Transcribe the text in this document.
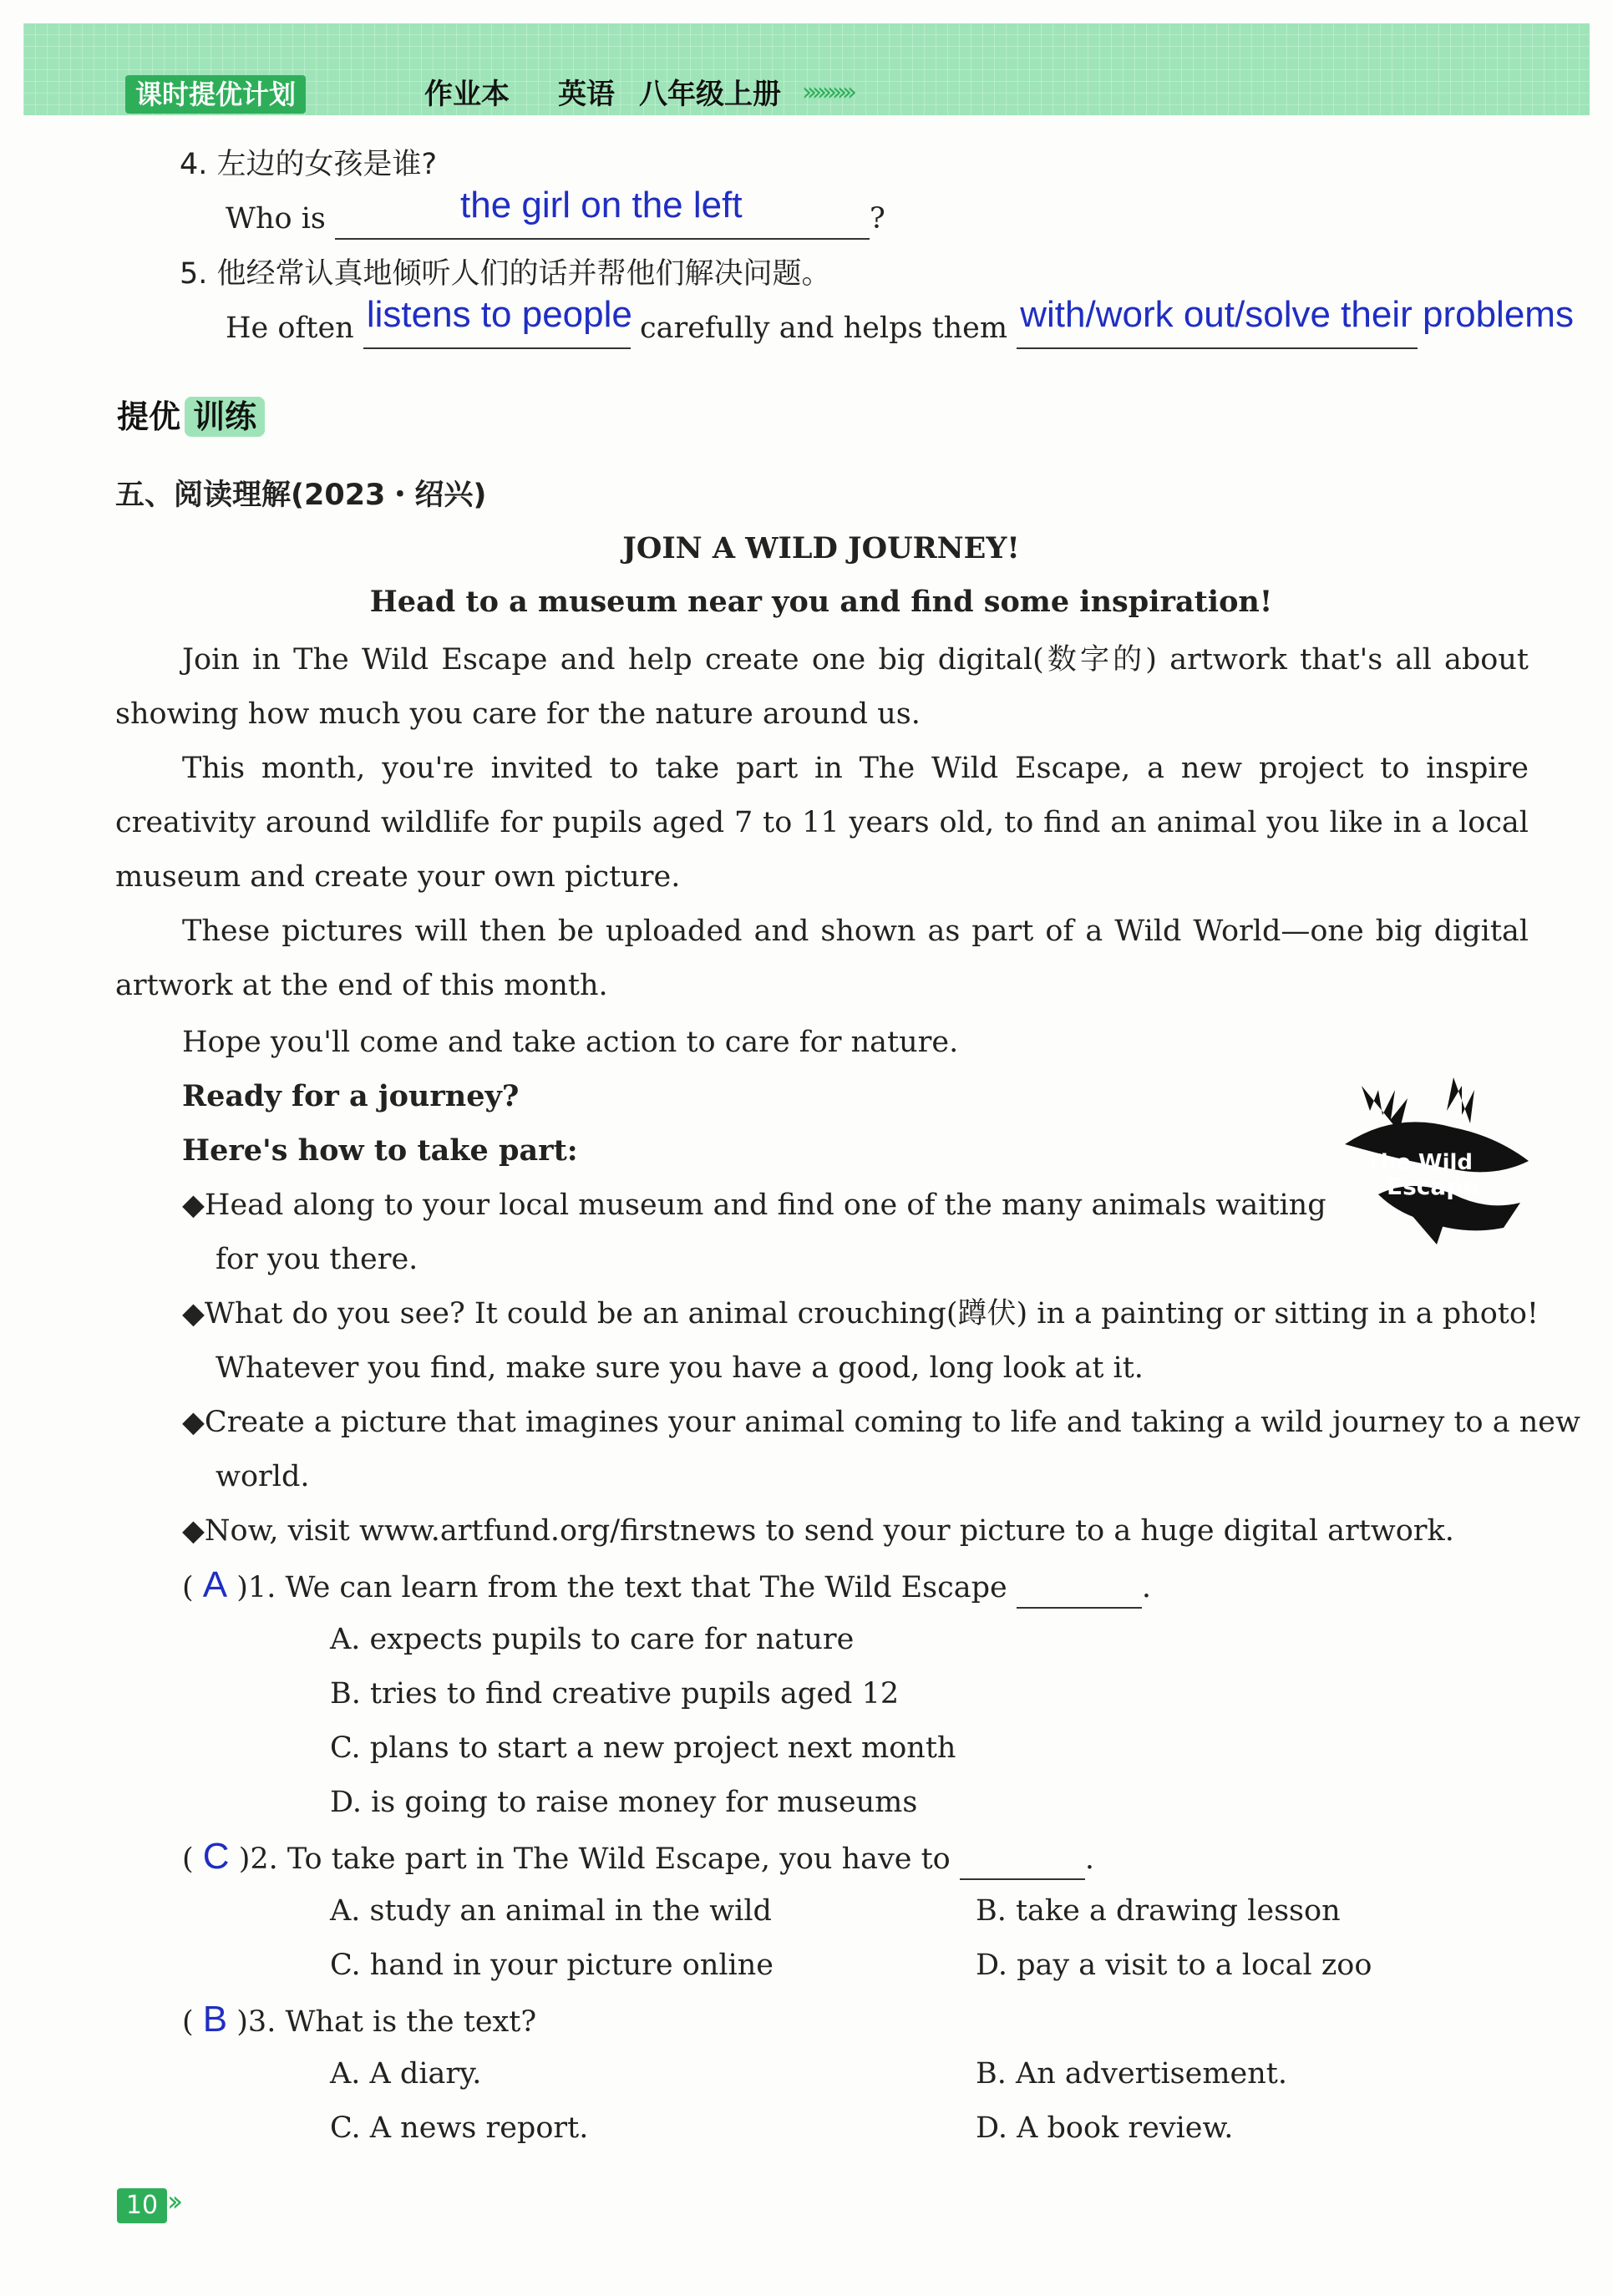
课时提优计划	作业本 英语 八年级上册 ››››››››››
4. 左边的女孩是谁?
Who is	the girl on the left	?
5. 他经常认真地倾听人们的话并帮他们解决问题。
He often listens to people carefully and helps them with/work out/solve their problems
提优 训练
五、阅读理解(2023・绍兴)
JOIN A WILD JOURNEY!
Head to a museum near you and find some inspiration!
Join in The Wild Escape and help create one big digital(数字的) artwork that's all about showing how much you care for the nature around us.
This month, you're invited to take part in The Wild Escape, a new project to inspire creativity around wildlife for pupils aged 7 to 11 years old, to find an animal you like in a local museum and create your own picture.
These pictures will then be uploaded and shown as part of a Wild World—one big digital artwork at the end of this month.
Hope you'll come and take action to care for nature.
Ready for a journey?
Here's how to take part:
◆Head along to your local museum and find one of the many animals waiting
for you there.
◆What do you see? It could be an animal crouching(蹲伏) in a painting or sitting in a photo!
Whatever you find, make sure you have a good, long look at it.
◆Create a picture that imagines your animal coming to life and taking a wild journey to a new
world.
◆Now, visit www.artfund.org/firstnews to send your picture to a huge digital artwork.
The Wild
Escape
( A )1. We can learn from the text that The Wild Escape	.
A. expects pupils to care for nature
B. tries to find creative pupils aged 12
C. plans to start a new project next month
D. is going to raise money for museums
( C )2. To take part in The Wild Escape, you have to	.
A. study an animal in the wild	B. take a drawing lesson
C. hand in your picture online	D. pay a visit to a local zoo
( B )3. What is the text?
A. A diary.	B. An advertisement.
C. A news report.	D. A book review.
10 ››
